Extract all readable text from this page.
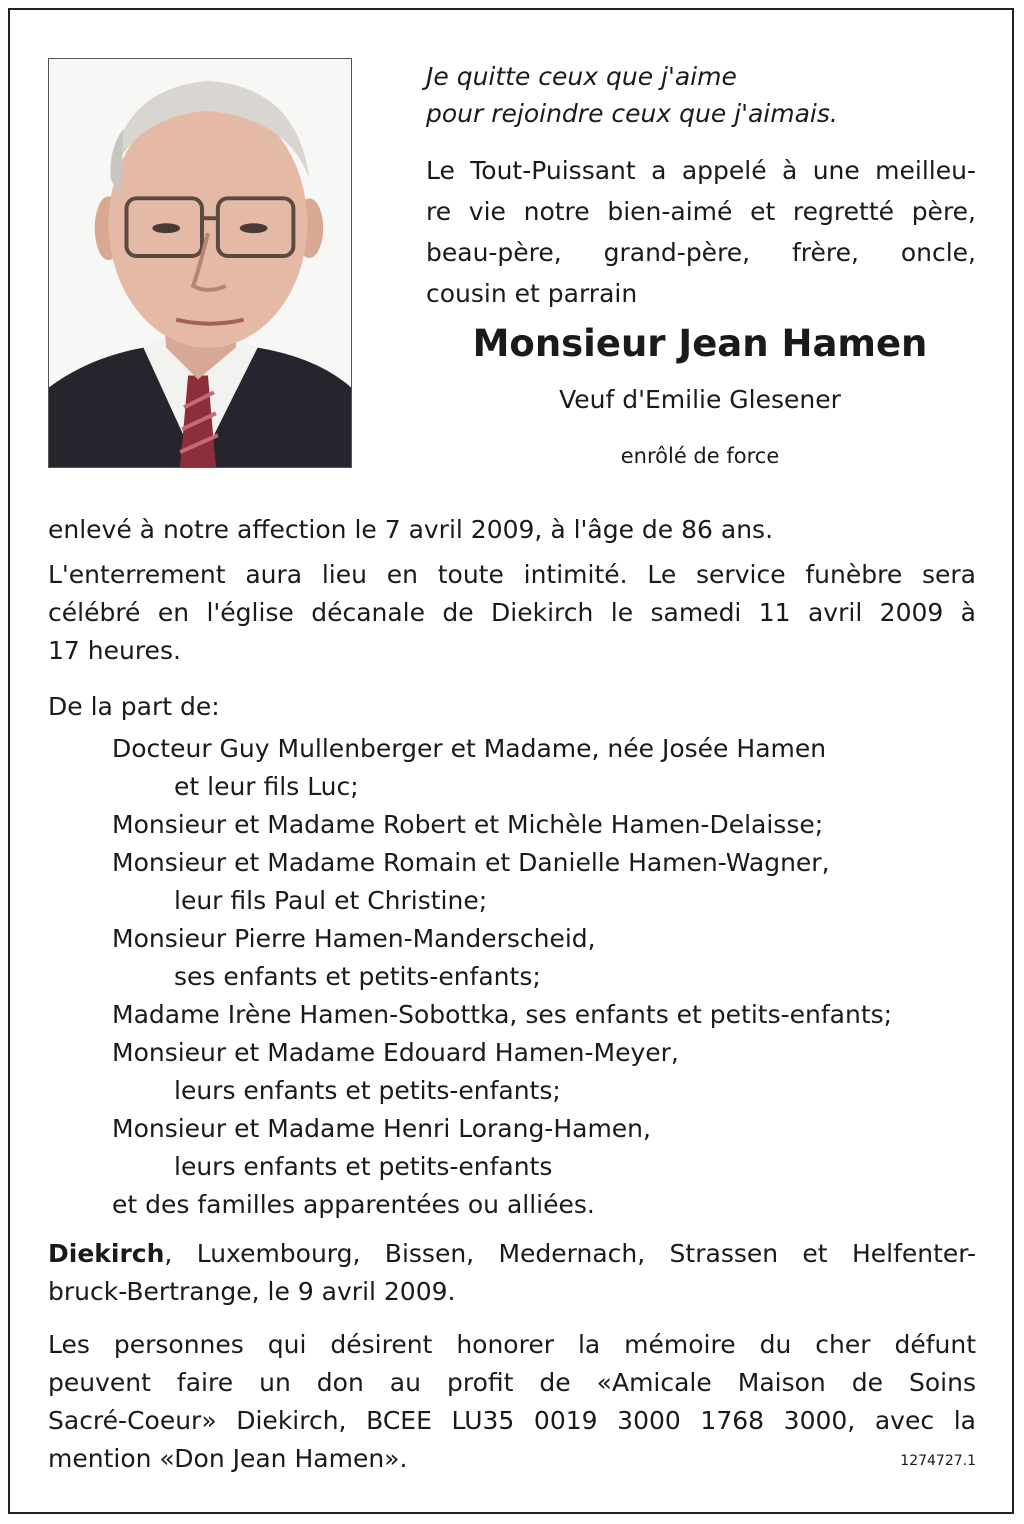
Je quitte ceux que j'aime
pour rejoindre ceux que j'aimais.
Le Tout-Puissant a appelé à une meilleu-
re vie notre bien-aimé et regretté père,
beau-père, grand-père, frère, oncle,
cousin et parrain
Monsieur Jean Hamen
Veuf d'Emilie Glesener
enrôlé de force
enlevé à notre affection le 7 avril 2009, à l'âge de 86 ans.
L'enterrement aura lieu en toute intimité. Le service funèbre sera
célébré en l'église décanale de Diekirch le samedi 11 avril 2009 à
17 heures.
De la part de:
Docteur Guy Mullenberger et Madame, née Josée Hamen
et leur fils Luc;
Monsieur et Madame Robert et Michèle Hamen-Delaisse;
Monsieur et Madame Romain et Danielle Hamen-Wagner,
leur fils Paul et Christine;
Monsieur Pierre Hamen-Manderscheid,
ses enfants et petits-enfants;
Madame Irène Hamen-Sobottka, ses enfants et petits-enfants;
Monsieur et Madame Edouard Hamen-Meyer,
leurs enfants et petits-enfants;
Monsieur et Madame Henri Lorang-Hamen,
leurs enfants et petits-enfants
et des familles apparentées ou alliées.
Diekirch, Luxembourg, Bissen, Medernach, Strassen et Helfenter-
bruck-Bertrange, le 9 avril 2009.
Les personnes qui désirent honorer la mémoire du cher défunt
peuvent faire un don au profit de «Amicale Maison de Soins
Sacré-Coeur» Diekirch, BCEE LU35 0019 3000 1768 3000, avec la
mention «Don Jean Hamen».	1274727.1
